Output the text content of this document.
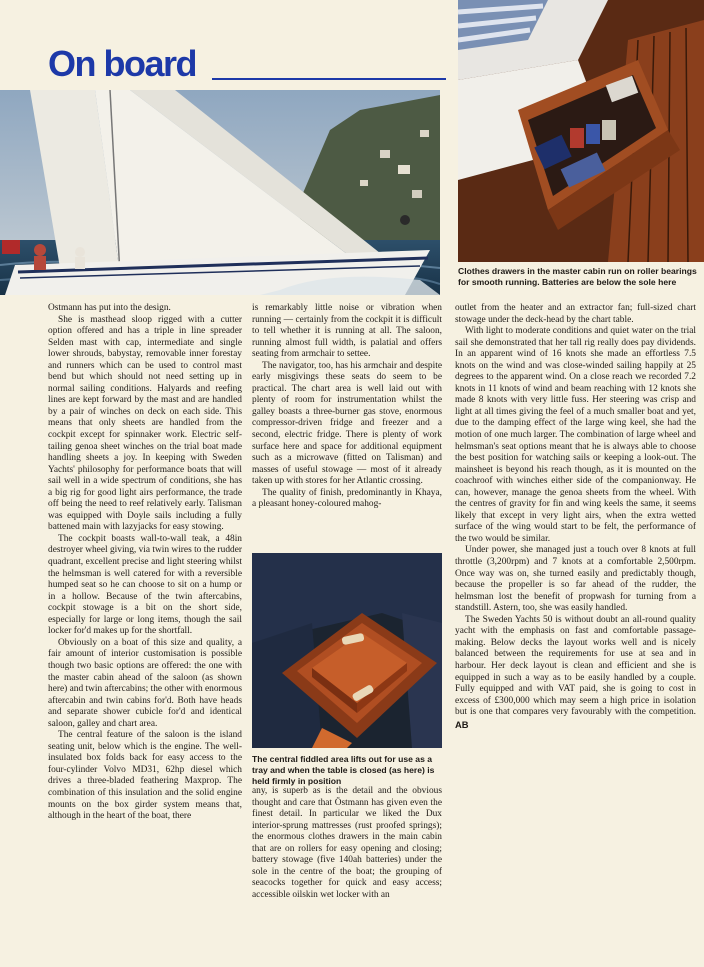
On board

Clothes drawers in the master cabin run on roller bearings for smooth running. Batteries are below the sole here

Östmann has put into the design.

She is masthead sloop rigged with a cutter option offered and has a triple in line spreader Selden mast with cap, intermediate and single lower shrouds, babystay, removable inner forestay and runners which can be used to control mast bend but which should not need setting up in normal sailing conditions. Halyards and reefing lines are kept forward by the mast and are handled by a pair of winches on deck on each side. This means that only sheets are handled from the cockpit except for spinnaker work. Electric self-tailing genoa sheet winches on the trial boat made handling sheets a joy. In keeping with Sweden Yachts' philosophy for performance boats that will sail well in a wide spectrum of conditions, she has a big rig for good light airs performance, the trade off being the need to reef relatively early. Talisman was equipped with Doyle sails including a fully battened main with lazyjacks for easy stowing.

The cockpit boasts wall-to-wall teak, a 48in destroyer wheel giving, via twin wires to the rudder quadrant, excellent precise and light steering whilst the helmsman is well catered for with a reversible humped seat so he can choose to sit on a hump or in a hollow. Because of the twin aftercabins, cockpit stowage is a bit on the short side, especially for large or long items, though the sail locker for'd makes up for the shortfall.

Obviously on a boat of this size and quality, a fair amount of interior customisation is possible though two basic options are offered: the one with the master cabin ahead of the saloon (as shown here) and twin aftercabins; the other with enormous aftercabin and twin cabins for'd. Both have heads and separate shower cubicle for'd and identical saloon, galley and chart area.

The central feature of the saloon is the island seating unit, below which is the engine. The well-insulated box folds back for easy access to the four-cylinder Volvo MD31, 62hp diesel which drives a three-bladed feathering Maxprop. The combination of this insulation and the solid engine mounts on the box girder system means that, although in the heart of the boat, there

is remarkably little noise or vibration when running — certainly from the cockpit it is difficult to tell whether it is running at all. The saloon, running almost full width, is palatial and offers seating from armchair to settee.

The navigator, too, has his armchair and despite early misgivings these seats do seem to be practical. The chart area is well laid out with plenty of room for instrumentation whilst the galley boasts a three-burner gas stove, enormous compressor-driven fridge and freezer and a second, electric fridge. There is plenty of work surface here and space for additional equipment such as a microwave (fitted on Talisman) and masses of useful stowage — most of it already taken up with stores for her Atlantic crossing.

The quality of finish, predominantly in Khaya, a pleasant honey-coloured mahog-

The central fiddled area lifts out for use as a tray and when the table is closed (as here) is held firmly in position

any, is superb as is the detail and the obvious thought and care that Östmann has given even the finest detail. In particular we liked the Dux interior-sprung mattresses (rust proofed springs); the enormous clothes drawers in the main cabin that are on rollers for easy opening and closing; battery stowage (five 140ah batteries) under the sole in the centre of the boat; the grouping of seacocks together for quick and easy access; accessible oilskin wet locker with an

outlet from the heater and an extractor fan; full-sized chart stowage under the deck-head by the chart table.

With light to moderate conditions and quiet water on the trial sail she demonstrated that her tall rig really does pay dividends. In an apparent wind of 16 knots she made an effortless 7.5 knots on the wind and was close-winded sailing happily at 25 degrees to the apparent wind. On a close reach we recorded 7.2 knots in 11 knots of wind and beam reaching with 12 knots she made 8 knots with very little fuss. Her steering was crisp and light at all times giving the feel of a much smaller boat and yet, due to the damping effect of the large wing keel, she had the motion of one much larger. The combination of large wheel and helmsman's seat options meant that he is always able to choose the best position for watching sails or keeping a look-out. The mainsheet is beyond his reach though, as it is mounted on the coachroof with winches either side of the companionway. He can, however, manage the genoa sheets from the wheel. With the centres of gravity for fin and wing keels the same, it seems likely that except in very light airs, when the extra wetted surface of the wing would start to be felt, the performance of the two would be similar.

Under power, she managed just a touch over 8 knots at full throttle (3,200rpm) and 7 knots at a comfortable 2,500rpm. Once way was on, she turned easily and predictably though, because the propeller is so far ahead of the rudder, the helmsman lost the benefit of propwash for turning from a standstill. Astern, too, she was easily handled.

The Sweden Yachts 50 is without doubt an all-round quality yacht with the emphasis on fast and comfortable passage-making. Below decks the layout works well and is nicely balanced between the requirements for use at sea and in harbour. Her deck layout is clean and efficient and she is equipped in such a way as to be easily handled by a couple. Fully equipped and with VAT paid, she is going to cost in excess of £300,000 which may seem a high price in isolation but is one that compares very favourably with the competition. AB
